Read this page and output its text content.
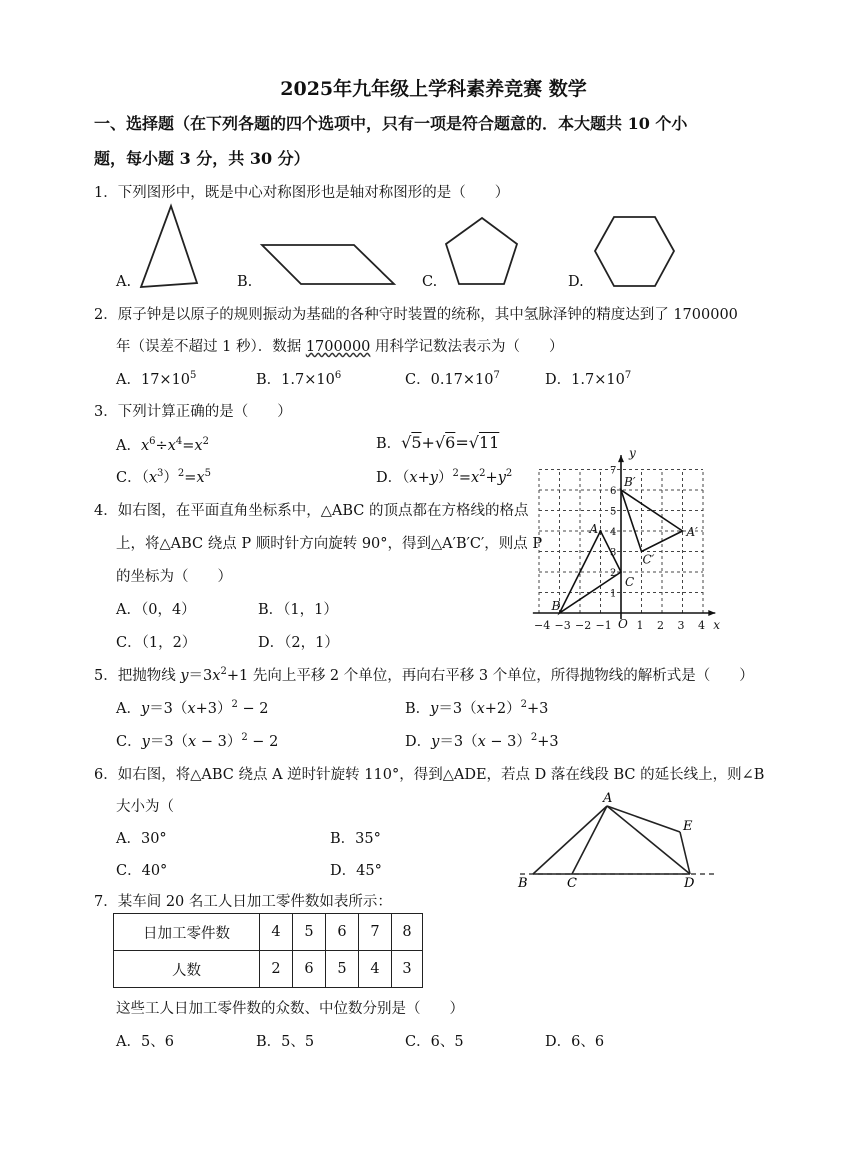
2025年九年级上学科素养竞赛 数学
一、选择题（在下列各题的四个选项中，只有一项是符合题意的．本大题共 10 个小
题，每小题 3 分，共 30 分）
1．下列图形中，既是中心对称图形也是轴对称图形的是（　　）
A.	B.	C.	D.
2．原子钟是以原子的规则振动为基础的各种守时装置的统称，其中氢脉泽钟的精度达到了 1700000
年（误差不超过 1 秒）．数据 1700000 用科学记数法表示为（　　）
A．$17\times 10^5$	B．$1.7\times 10^6$	C．$0.17\times 10^7$	D．$1.7\times 10^7$
3．下列计算正确的是（　　）
A．$x^6\div x^4=x^2$	B．√5+√6=√11
C．$(x^3)^2=x^5$	D．$(x+y)^2=x^2+y^2$
4．如右图，在平面直角坐标系中，△ABC 的顶点都在方格线的格点
上，将△ABC 绕点 P 顺时针方向旋转 90°，得到△A′B′C′，则点 P
的坐标为（　　）
A．（0，4）	B．（1，1）
C．（1，2）	D．（2，1）
−4 −3 −2 −1 1 2 3 4
1
2
3
4
5
6
7
x
y
O
A
B
C
A′
B′
C′
5．把抛物线 $y=3x^2+1$ 先向上平移 2 个单位，再向右平移 3 个单位，所得抛物线的解析式是（　　）
A．$y=3(x+3)^2 - 2$	B．$y=3(x+2)^2+3$
C．$y=3(x - 3)^2 - 2$	D．$y=3(x - 3)^2+3$
6．如右图，将△ABC 绕点 A 逆时针旋转 110°，得到△ADE，若点 D 落在线段 BC 的延长线上，则∠B
大小为（
A．30°	B．35°
C．40°	D．45°
A
B	C	D
E
7．某车间 20 名工人日加工零件数如表所示：
日加工零件数	4	5	6	7	8
人数	2	6	5	4	3
这些工人日加工零件数的众数、中位数分别是（　　）
A．5、6	B．5、5	C．6、5	D．6、6
